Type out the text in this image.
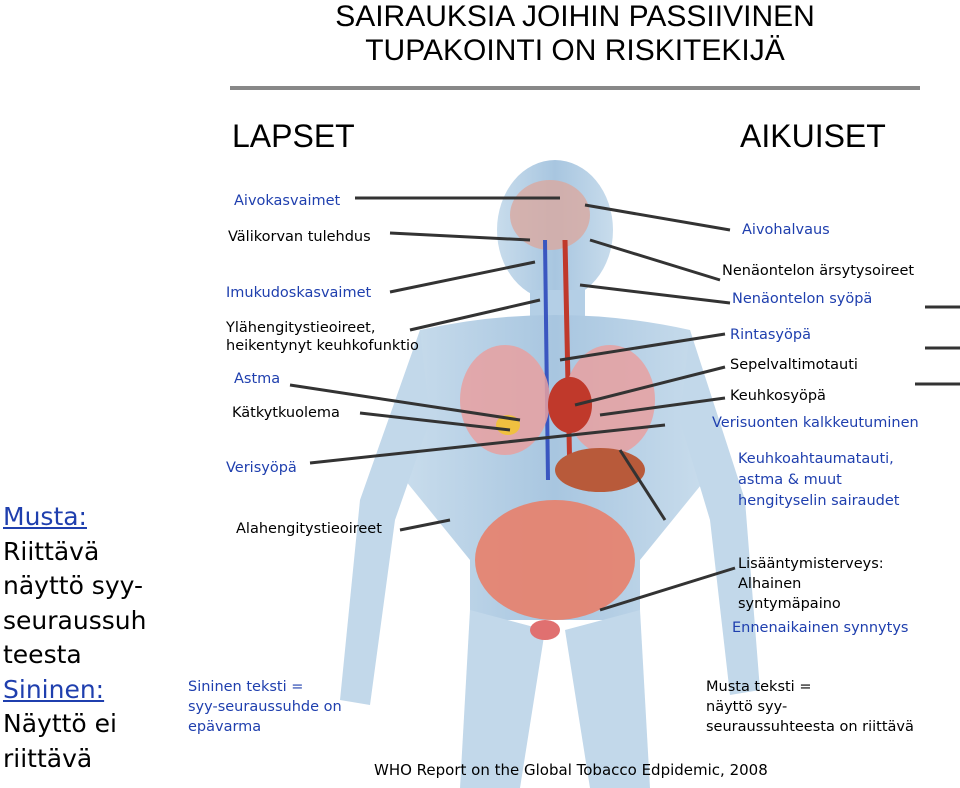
SAIRAUKSIA JOIHIN PASSIIVINEN
TUPAKOINTI ON RISKITEKIJÄ
LAPSET	AIKUISET
Aivokasvaimet
Välikorvan tulehdus
Imukudoskasvaimet
Ylähengitystieoireet,
heikentynyt keuhkofunktio
Astma
Kätkytkuolema
Verisyöpä
Alahengitystieoireet
Aivohalvaus
Nenäontelon ärsytysoireet
Nenäontelon syöpä
Rintasyöpä
Sepelvaltimotauti
Keuhkosyöpä
Verisuonten kalkkeutuminen
Keuhkoahtaumatauti,
astma & muut
hengityselin sairaudet
Lisääntymisterveys:
Alhainen
syntymäpaino
Ennenaikainen synnytys
Musta:
Riittävä
näyttö syy-
seuraussuh
teesta
Sininen:
Näyttö ei
riittävä
Sininen teksti =
syy-seuraussuhde on
epävarma
Musta teksti =
näyttö syy-
seuraussuhteesta on riittävä
WHO Report on the Global Tobacco Edpidemic, 2008
